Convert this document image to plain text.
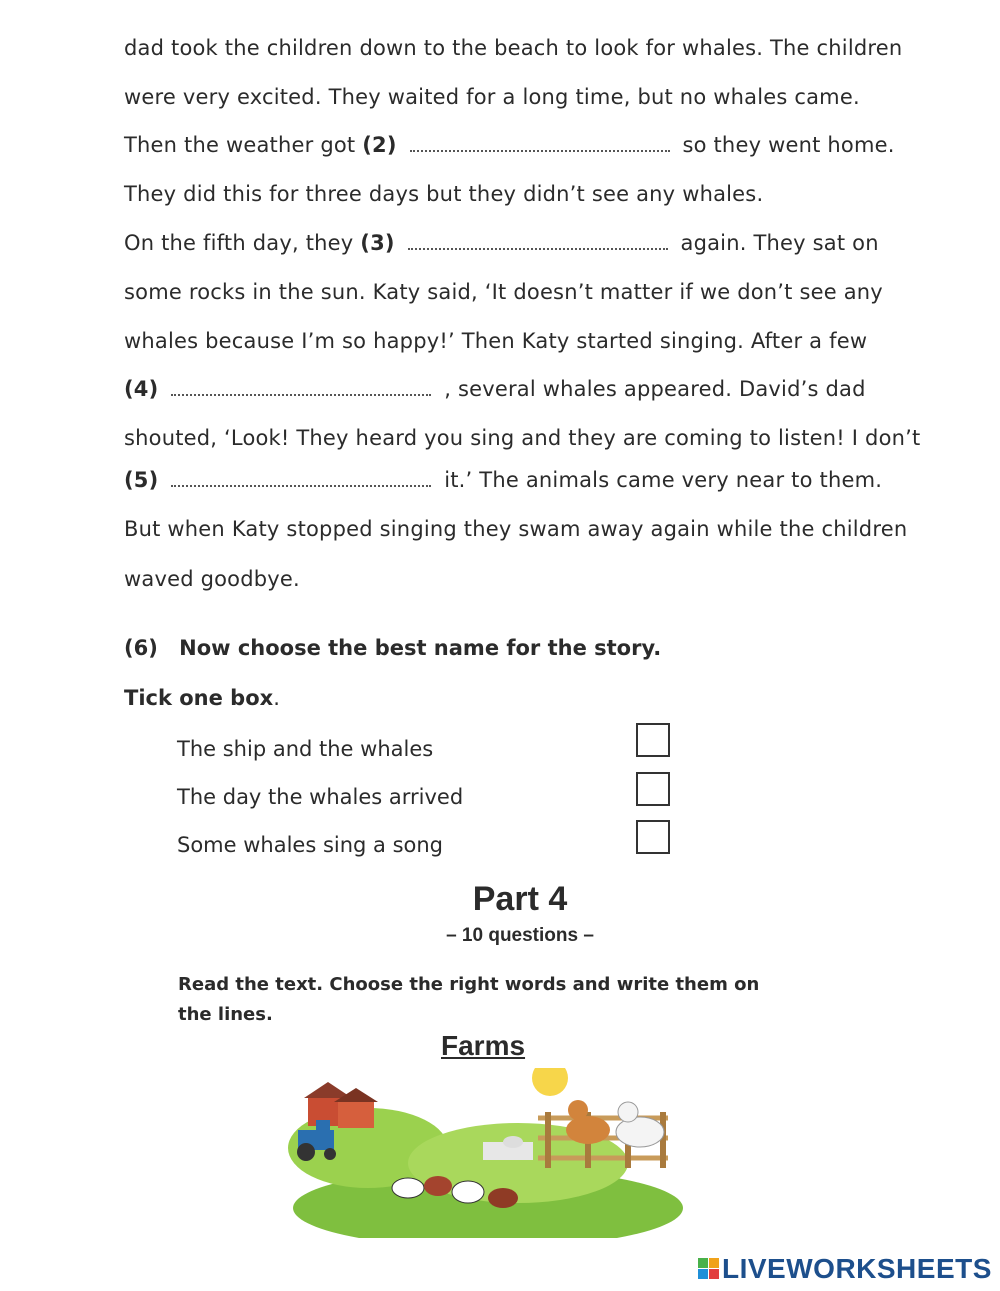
dad took the children down to the beach to look for whales. The children
were very excited. They waited for a long time, but no whales came.
Then the weather got (2)	so they went home.
They did this for three days but they didn’t see any whales.
On the fifth day, they (3)	again. They sat on
some rocks in the sun. Katy said, ‘It doesn’t matter if we don’t see any
whales because I’m so happy!’ Then Katy started singing. After a few
(4)	, several whales appeared. David’s dad
shouted, ‘Look! They heard you sing and they are coming to listen! I don’t
(5)	it.’ The animals came very near to them.
But when Katy stopped singing they swam away again while the children
waved goodbye.
(6) Now choose the best name for the story.
Tick one box.
The ship and the whales
The day the whales arrived
Some whales sing a song
Part 4
– 10 questions –
Read the text. Choose the right words and write them on
the lines.
Farms
LIVEWORKSHEETS
